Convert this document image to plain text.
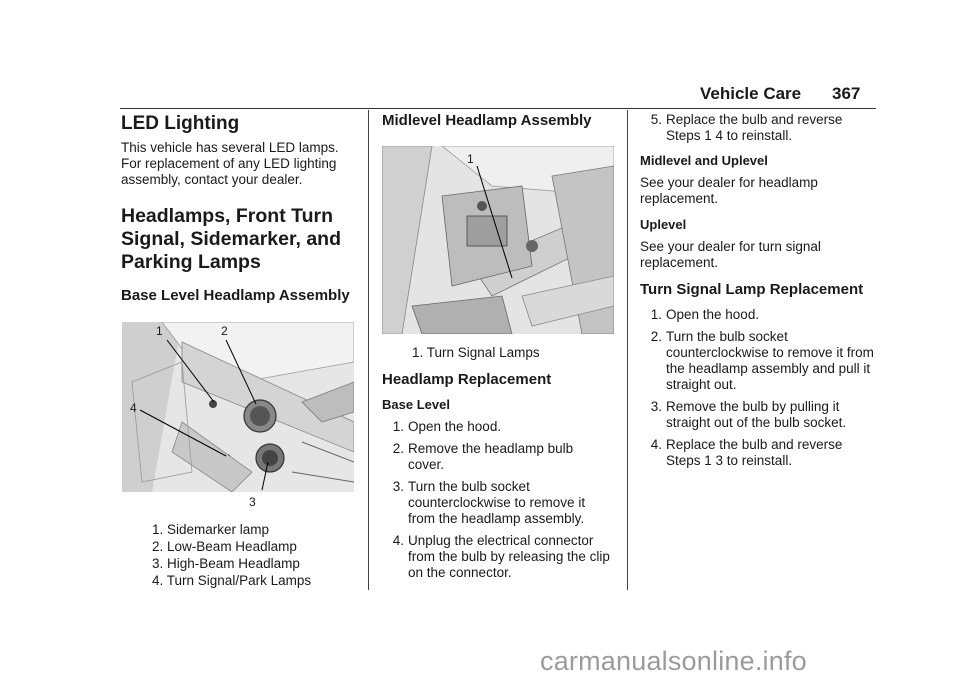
Vehicle Care 367
LED Lighting
This vehicle has several LED lamps. For replacement of any LED lighting assembly, contact your dealer.
Headlamps, Front Turn Signal, Sidemarker, and Parking Lamps
Base Level Headlamp Assembly
1	2
3
4
1. Sidemarker lamp
2. Low-Beam Headlamp
3. High-Beam Headlamp
4. Turn Signal/Park Lamps
Midlevel Headlamp Assembly
1
1. Turn Signal Lamps
Headlamp Replacement
Base Level
1. Open the hood.
2. Remove the headlamp bulb cover.
3. Turn the bulb socket counterclockwise to remove it from the headlamp assembly.
4. Unplug the electrical connector from the bulb by releasing the clip on the connector.
5. Replace the bulb and reverse Steps 1 4 to reinstall.
Midlevel and Uplevel
See your dealer for headlamp replacement.
Uplevel
See your dealer for turn signal replacement.
Turn Signal Lamp Replacement
1. Open the hood.
2. Turn the bulb socket counterclockwise to remove it from the headlamp assembly and pull it straight out.
3. Remove the bulb by pulling it straight out of the bulb socket.
4. Replace the bulb and reverse Steps 1 3 to reinstall.
carmanualsonline.info
